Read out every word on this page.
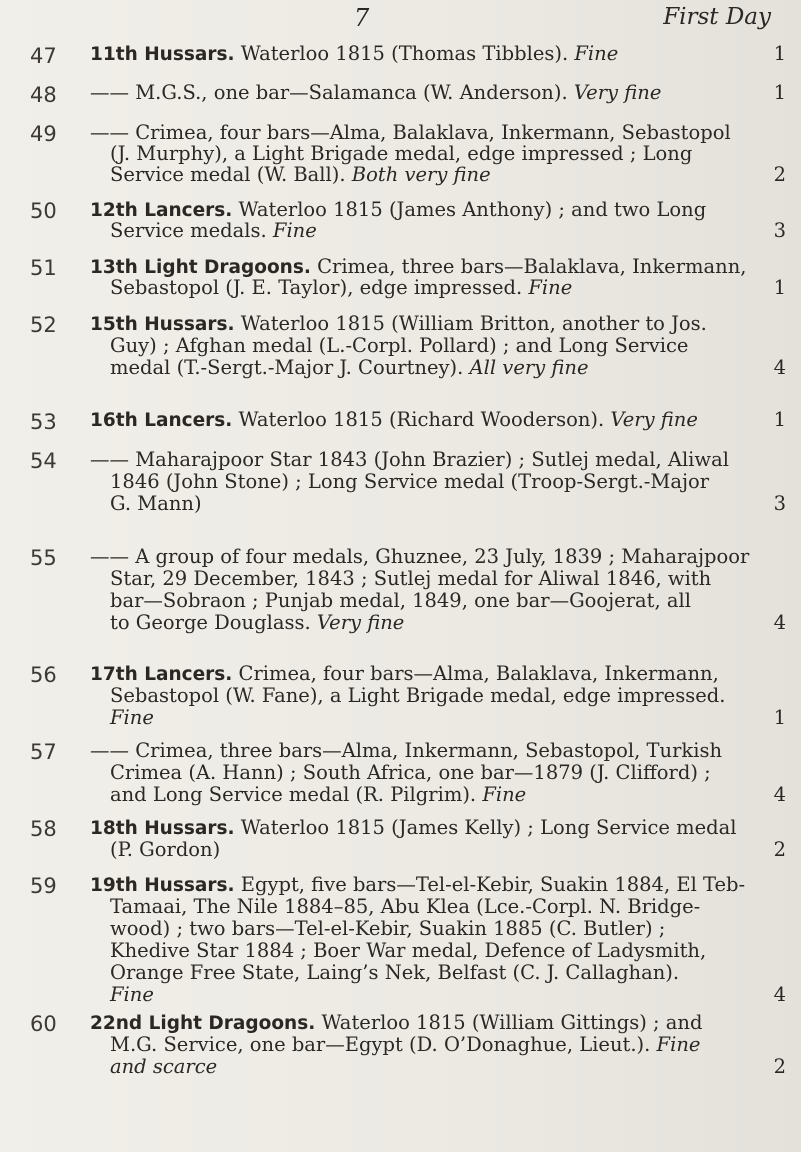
7	First Day
47 11th Hussars. Waterloo 1815 (Thomas Tibbles). Fine	1
48 —— M.G.S., one bar—Salamanca (W. Anderson). Very fine	1
49 —— Crimea, four bars—Alma, Balaklava, Inkermann, Sebastopol
(J. Murphy), a Light Brigade medal, edge impressed ; Long
Service medal (W. Ball). Both very fine	2
50 12th Lancers. Waterloo 1815 (James Anthony) ; and two Long
Service medals. Fine	3
51 13th Light Dragoons. Crimea, three bars—Balaklava, Inkermann,
Sebastopol (J. E. Taylor), edge impressed. Fine	1
52 15th Hussars. Waterloo 1815 (William Britton, another to Jos.
Guy) ; Afghan medal (L.-Corpl. Pollard) ; and Long Service
medal (T.-Sergt.-Major J. Courtney). All very fine	4
53 16th Lancers. Waterloo 1815 (Richard Wooderson). Very fine	1
54 —— Maharajpoor Star 1843 (John Brazier) ; Sutlej medal, Aliwal
1846 (John Stone) ; Long Service medal (Troop-Sergt.-Major
G. Mann)	3
55 —— A group of four medals, Ghuznee, 23 July, 1839 ; Maharajpoor
Star, 29 December, 1843 ; Sutlej medal for Aliwal 1846, with
bar—Sobraon ; Punjab medal, 1849, one bar—Goojerat, all
to George Douglass. Very fine	4
56 17th Lancers. Crimea, four bars—Alma, Balaklava, Inkermann,
Sebastopol (W. Fane), a Light Brigade medal, edge impressed.
Fine	1
57 —— Crimea, three bars—Alma, Inkermann, Sebastopol, Turkish
Crimea (A. Hann) ; South Africa, one bar—1879 (J. Clifford) ;
and Long Service medal (R. Pilgrim). Fine	4
58 18th Hussars. Waterloo 1815 (James Kelly) ; Long Service medal
(P. Gordon)	2
59 19th Hussars. Egypt, five bars—Tel-el-Kebir, Suakin 1884, El Teb-
Tamaai, The Nile 1884–85, Abu Klea (Lce.-Corpl. N. Bridge-
wood) ; two bars—Tel-el-Kebir, Suakin 1885 (C. Butler) ;
Khedive Star 1884 ; Boer War medal, Defence of Ladysmith,
Orange Free State, Laing’s Nek, Belfast (C. J. Callaghan).
Fine	4
60 22nd Light Dragoons. Waterloo 1815 (William Gittings) ; and
M.G. Service, one bar—Egypt (D. O’Donaghue, Lieut.). Fine
and scarce	2
